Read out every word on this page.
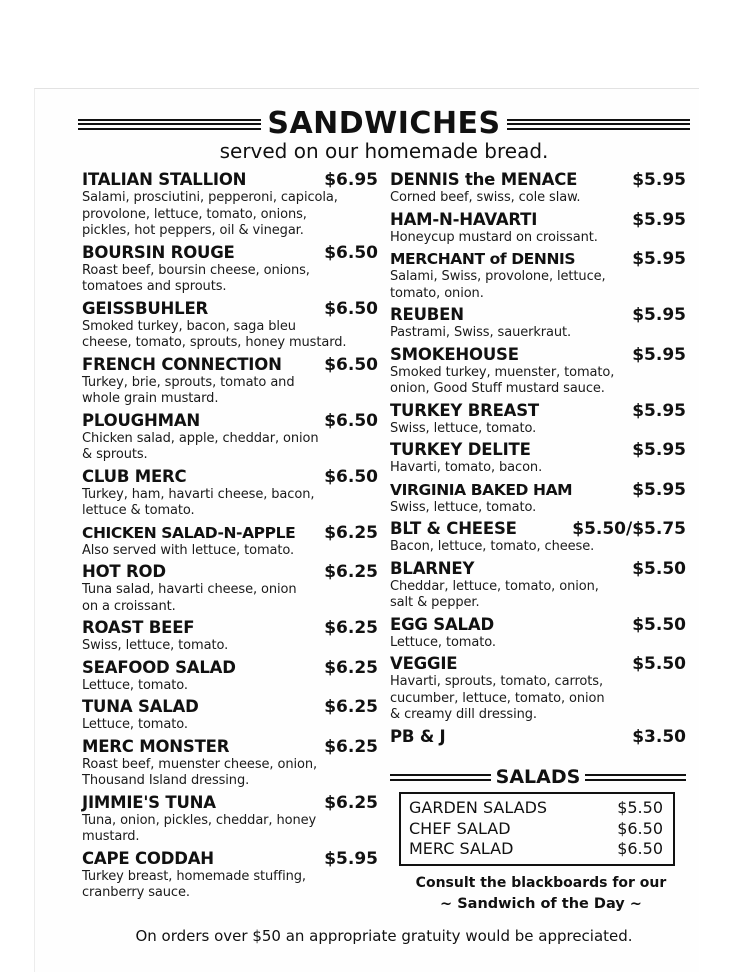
SANDWICHES
served on our homemade bread.
ITALIAN STALLION	$6.95
Salami, prosciutini, pepperoni, capicola,
provolone, lettuce, tomato, onions,
pickles, hot peppers, oil & vinegar.
BOURSIN ROUGE	$6.50
Roast beef, boursin cheese, onions,
tomatoes and sprouts.
GEISSBUHLER	$6.50
Smoked turkey, bacon, saga bleu
cheese, tomato, sprouts, honey mustard.
FRENCH CONNECTION	$6.50
Turkey, brie, sprouts, tomato and
whole grain mustard.
PLOUGHMAN	$6.50
Chicken salad, apple, cheddar, onion
& sprouts.
CLUB MERC	$6.50
Turkey, ham, havarti cheese, bacon,
lettuce & tomato.
CHICKEN SALAD-N-APPLE $6.25
Also served with lettuce, tomato.
HOT ROD	$6.25
Tuna salad, havarti cheese, onion
on a croissant.
ROAST BEEF	$6.25
Swiss, lettuce, tomato.
SEAFOOD SALAD	$6.25
Lettuce, tomato.
TUNA SALAD	$6.25
Lettuce, tomato.
MERC MONSTER	$6.25
Roast beef, muenster cheese, onion,
Thousand Island dressing.
JIMMIE'S TUNA	$6.25
Tuna, onion, pickles, cheddar, honey
mustard.
CAPE CODDAH	$5.95
Turkey breast, homemade stuffing,
cranberry sauce.
DENNIS the MENACE	$5.95
Corned beef, swiss, cole slaw.
HAM-N-HAVARTI	$5.95
Honeycup mustard on croissant.
MERCHANT of DENNIS	$5.95
Salami, Swiss, provolone, lettuce,
tomato, onion.
REUBEN	$5.95
Pastrami, Swiss, sauerkraut.
SMOKEHOUSE	$5.95
Smoked turkey, muenster, tomato,
onion, Good Stuff mustard sauce.
TURKEY BREAST	$5.95
Swiss, lettuce, tomato.
TURKEY DELITE	$5.95
Havarti, tomato, bacon.
VIRGINIA BAKED HAM	$5.95
Swiss, lettuce, tomato.
BLT & CHEESE	$5.50/$5.75
Bacon, lettuce, tomato, cheese.
BLARNEY	$5.50
Cheddar, lettuce, tomato, onion,
salt & pepper.
EGG SALAD	$5.50
Lettuce, tomato.
VEGGIE	$5.50
Havarti, sprouts, tomato, carrots,
cucumber, lettuce, tomato, onion
& creamy dill dressing.
PB & J	$3.50
SALADS
GARDEN SALADS	$5.50
CHEF SALAD	$6.50
MERC SALAD	$6.50
Consult the blackboards for our
~ Sandwich of the Day ~
On orders over $50 an appropriate gratuity would be appreciated.
